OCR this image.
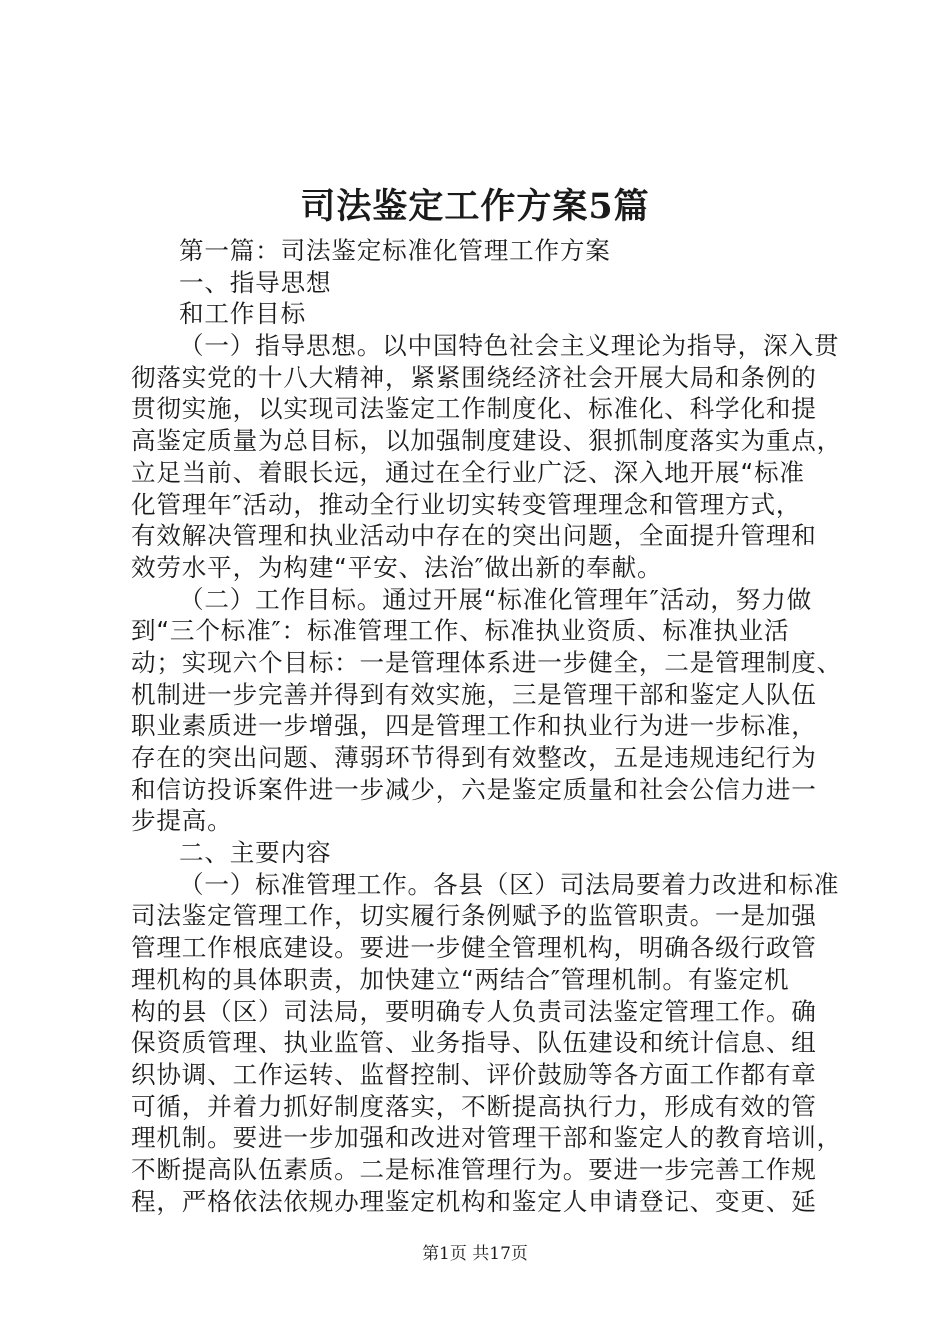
司法鉴定工作方案5篇
第一篇：司法鉴定标准化管理工作方案
一、指导思想
和工作目标
（一）指导思想。以中国特色社会主义理论为指导，深入贯
彻落实党的十八大精神，紧紧围绕经济社会开展大局和条例的
贯彻实施，以实现司法鉴定工作制度化、标准化、科学化和提
高鉴定质量为总目标，以加强制度建设、狠抓制度落实为重点，
立足当前、着眼长远，通过在全行业广泛、深入地开展“标准
化管理年″活动，推动全行业切实转变管理理念和管理方式，
有效解决管理和执业活动中存在的突出问题，全面提升管理和
效劳水平，为构建“平安、法治″做出新的奉献。
（二）工作目标。通过开展“标准化管理年″活动，努力做
到“三个标准″：标准管理工作、标准执业资质、标准执业活
动；实现六个目标：一是管理体系进一步健全，二是管理制度、
机制进一步完善并得到有效实施，三是管理干部和鉴定人队伍
职业素质进一步增强，四是管理工作和执业行为进一步标准，
存在的突出问题、薄弱环节得到有效整改，五是违规违纪行为
和信访投诉案件进一步减少，六是鉴定质量和社会公信力进一
步提高。
二、主要内容
（一）标准管理工作。各县（区）司法局要着力改进和标准
司法鉴定管理工作，切实履行条例赋予的监管职责。一是加强
管理工作根底建设。要进一步健全管理机构，明确各级行政管
理机构的具体职责，加快建立“两结合″管理机制。有鉴定机
构的县（区）司法局，要明确专人负责司法鉴定管理工作。确
保资质管理、执业监管、业务指导、队伍建设和统计信息、组
织协调、工作运转、监督控制、评价鼓励等各方面工作都有章
可循，并着力抓好制度落实，不断提高执行力，形成有效的管
理机制。要进一步加强和改进对管理干部和鉴定人的教育培训，
不断提高队伍素质。二是标准管理行为。要进一步完善工作规
程，严格依法依规办理鉴定机构和鉴定人申请登记、变更、延
第1页 共17页
